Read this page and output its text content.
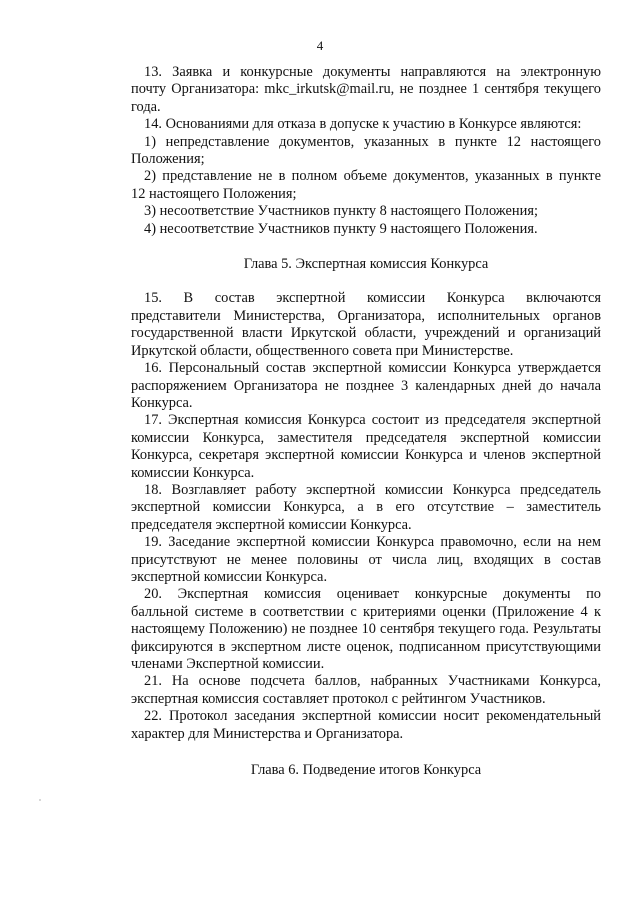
4
13. Заявка и конкурсные документы направляются на электронную
почту Организатора: mkc_irkutsk@mail.ru, не позднее 1 сентября текущего
года.
14. Основаниями для отказа в допуске к участию в Конкурсе являются:
1) непредставление документов, указанных в пункте 12 настоящего
Положения;
2) представление не в полном объеме документов, указанных в пункте
12 настоящего Положения;
3) несоответствие Участников пункту 8 настоящего Положения;
4) несоответствие Участников пункту 9 настоящего Положения.
Глава 5. Экспертная комиссия Конкурса
15. В состав экспертной комиссии Конкурса включаются
представители Министерства, Организатора, исполнительных органов
государственной власти Иркутской области, учреждений и организаций
Иркутской области, общественного совета при Министерстве.
16. Персональный состав экспертной комиссии Конкурса утверждается
распоряжением Организатора не позднее 3 календарных дней до начала
Конкурса.
17. Экспертная комиссия Конкурса состоит из председателя экспертной
комиссии Конкурса, заместителя председателя экспертной комиссии
Конкурса, секретаря экспертной комиссии Конкурса и членов экспертной
комиссии Конкурса.
18. Возглавляет работу экспертной комиссии Конкурса председатель
экспертной комиссии Конкурса, а в его отсутствие – заместитель
председателя экспертной комиссии Конкурса.
19. Заседание экспертной комиссии Конкурса правомочно, если на нем
присутствуют не менее половины от числа лиц, входящих в состав
экспертной комиссии Конкурса.
20. Экспертная комиссия оценивает конкурсные документы по
балльной системе в соответствии с критериями оценки (Приложение 4 к
настоящему Положению) не позднее 10 сентября текущего года. Результаты
фиксируются в экспертном листе оценок, подписанном присутствующими
членами Экспертной комиссии.
21. На основе подсчета баллов, набранных Участниками Конкурса,
экспертная комиссия составляет протокол с рейтингом Участников.
22. Протокол заседания экспертной комиссии носит рекомендательный
характер для Министерства и Организатора.
Глава 6. Подведение итогов Конкурса
